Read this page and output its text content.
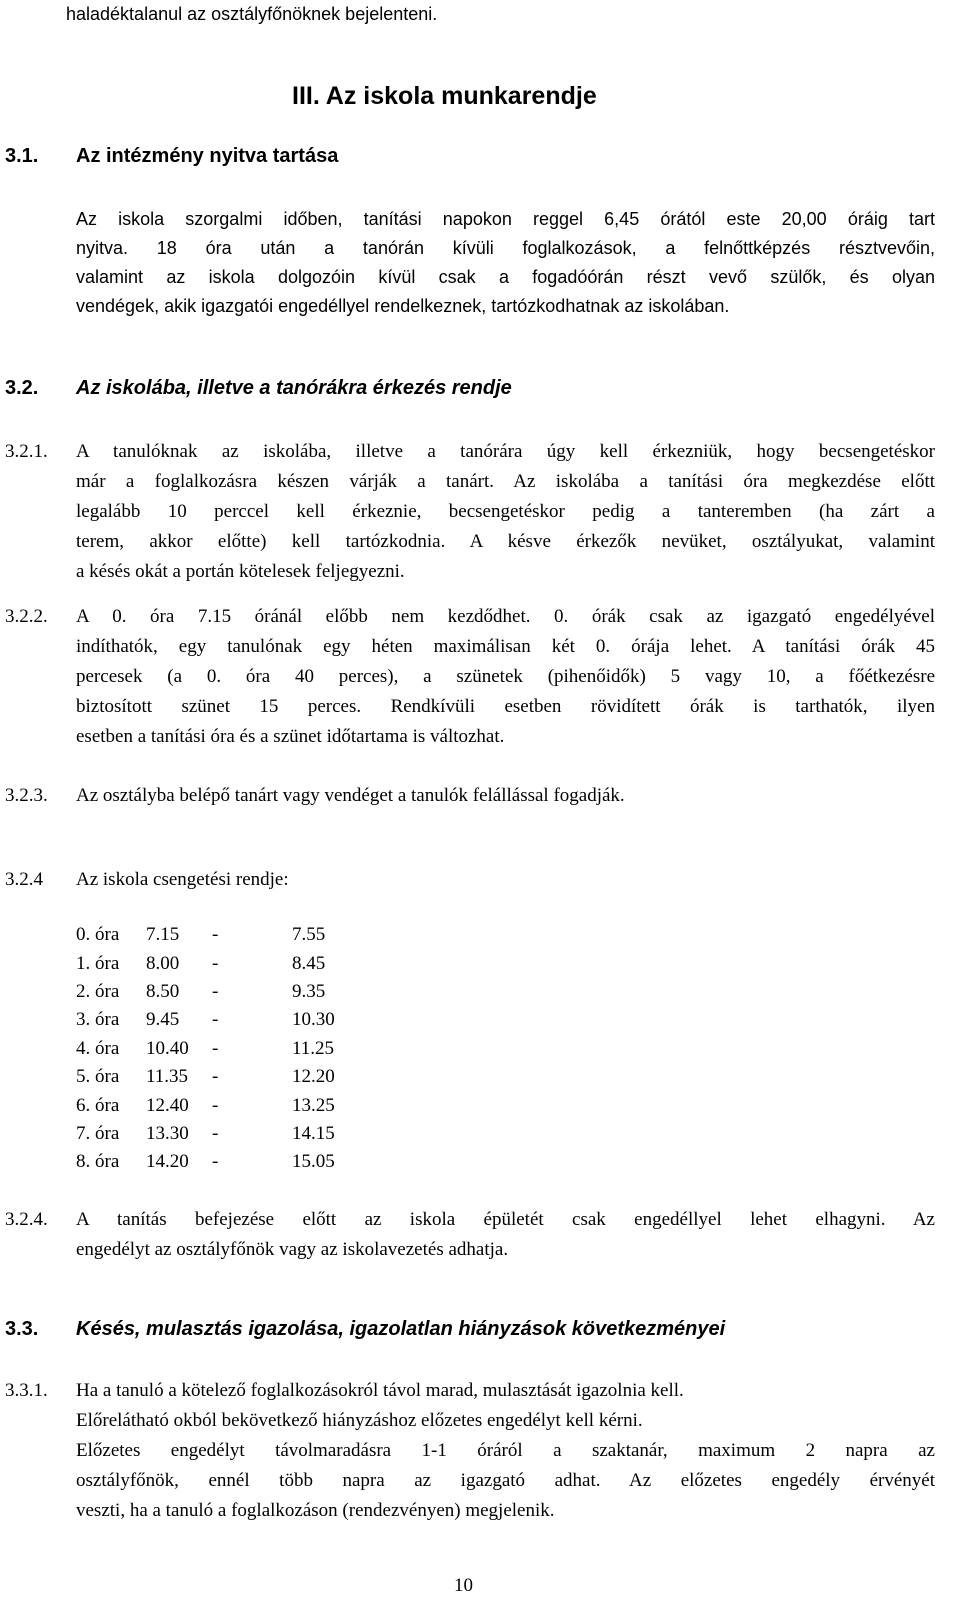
haladéktalanul az osztályfőnöknek bejelenteni.
III. Az iskola munkarendje
3.1. Az intézmény nyitva tartása
Az iskola szorgalmi időben, tanítási napokon reggel 6,45 órától este 20,00 óráig tart
nyitva. 18 óra után a tanórán kívüli foglalkozások, a felnőttképzés résztvevőin,
valamint az iskola dolgozóin kívül csak a fogadóórán részt vevő szülők, és olyan
vendégek, akik igazgatói engedéllyel rendelkeznek, tartózkodhatnak az iskolában.
3.2. Az iskolába, illetve a tanórákra érkezés rendje
3.2.1. A tanulóknak az iskolába, illetve a tanórára úgy kell érkezniük, hogy becsengetéskor
már a foglalkozásra készen várják a tanárt. Az iskolába a tanítási óra megkezdése előtt
legalább 10 perccel kell érkeznie, becsengetéskor pedig a tanteremben (ha zárt a
terem, akkor előtte) kell tartózkodnia. A késve érkezők nevüket, osztályukat, valamint
a késés okát a portán kötelesek feljegyezni.
3.2.2. A 0. óra 7.15 óránál előbb nem kezdődhet. 0. órák csak az igazgató engedélyével
indíthatók, egy tanulónak egy héten maximálisan két 0. órája lehet. A tanítási órák 45
percesek (a 0. óra 40 perces), a szünetek (pihenőidők) 5 vagy 10, a főétkezésre
biztosított szünet 15 perces. Rendkívüli esetben rövidített órák is tarthatók, ilyen
esetben a tanítási óra és a szünet időtartama is változhat.
3.2.3. Az osztályba belépő tanárt vagy vendéget a tanulók felállással fogadják.
3.2.4 Az iskola csengetési rendje:
0. óra	7.15	-	7.55
1. óra	8.00	-	8.45
2. óra	8.50	-	9.35
3. óra	9.45	-	10.30
4. óra	10.40	-	11.25
5. óra	11.35	-	12.20
6. óra	12.40	-	13.25
7. óra	13.30	-	14.15
8. óra	14.20	-	15.05
3.2.4. A tanítás befejezése előtt az iskola épületét csak engedéllyel lehet elhagyni. Az
engedélyt az osztályfőnök vagy az iskolavezetés adhatja.
3.3. Késés, mulasztás igazolása, igazolatlan hiányzások következményei
3.3.1. Ha a tanuló a kötelező foglalkozásokról távol marad, mulasztását igazolnia kell.
Előrelátható okból bekövetkező hiányzáshoz előzetes engedélyt kell kérni.
Előzetes engedélyt távolmaradásra 1-1 óráról a szaktanár, maximum 2 napra az
osztályfőnök, ennél több napra az igazgató adhat. Az előzetes engedély érvényét
veszti, ha a tanuló a foglalkozáson (rendezvényen) megjelenik.
10
